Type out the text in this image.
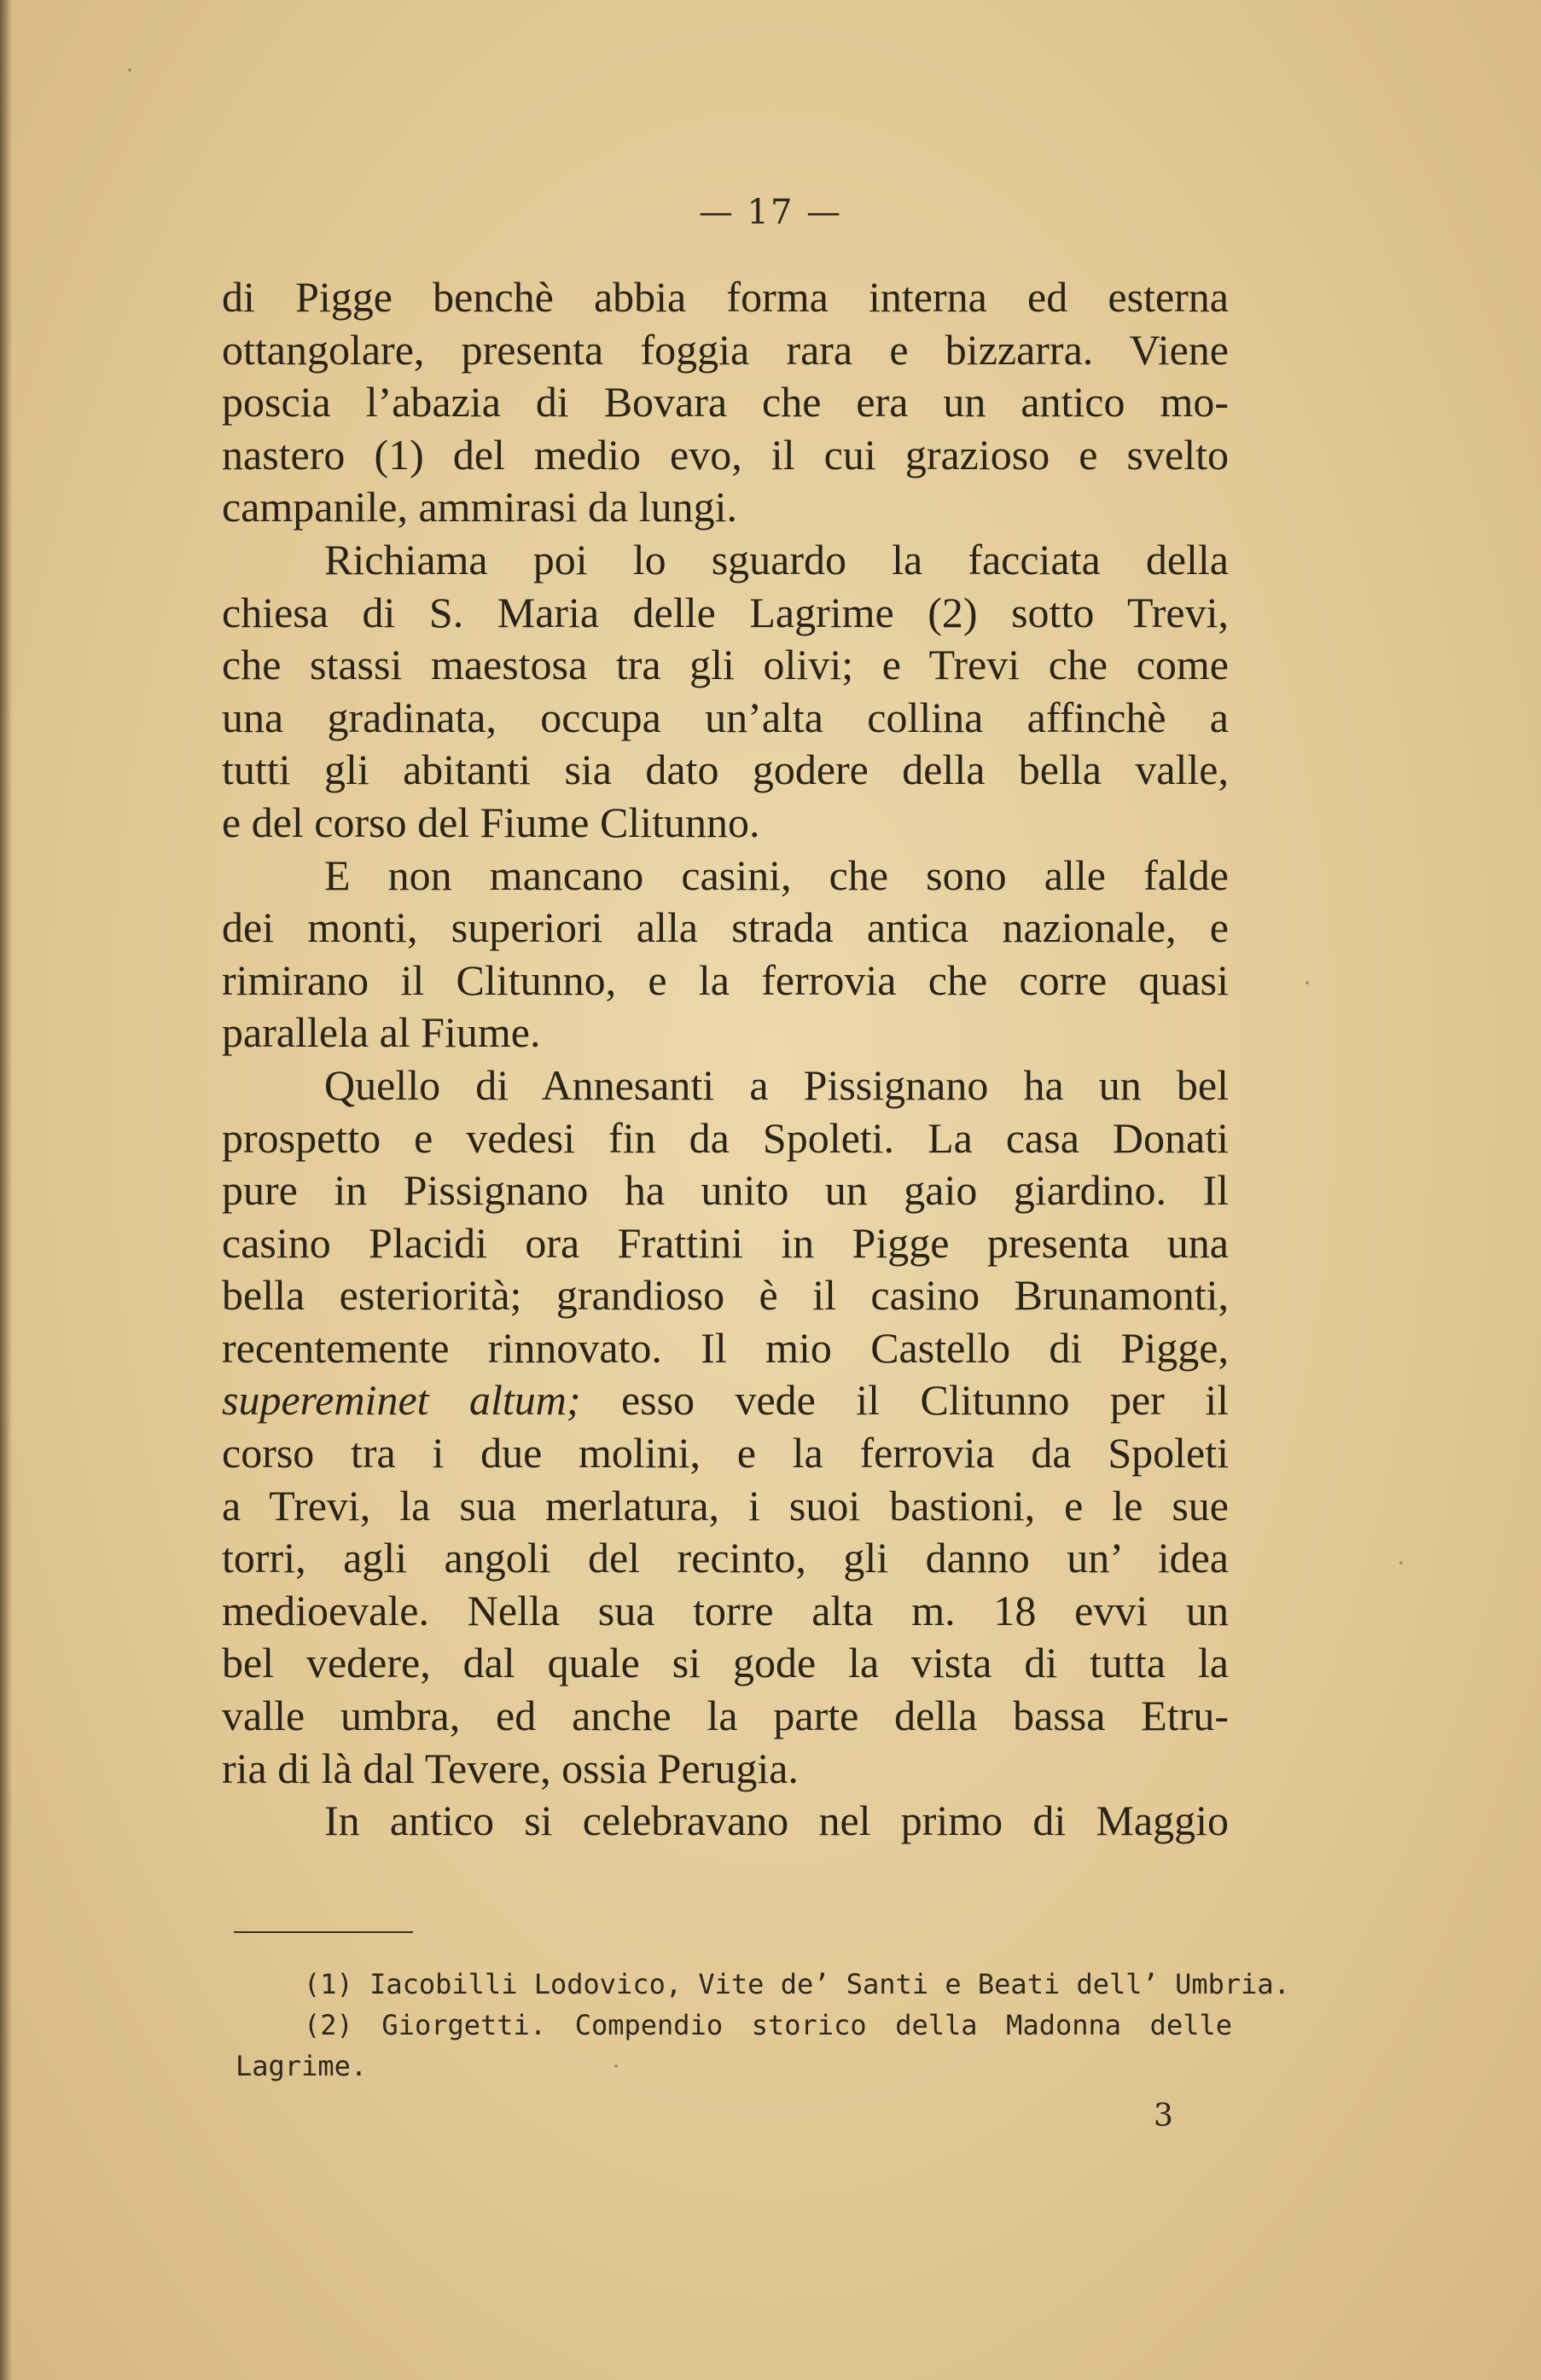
— 17 —
di Pigge benchè abbia forma interna ed esterna
ottangolare, presenta foggia rara e bizzarra. Viene
poscia l’abazia di Bovara che era un antico mo-
nastero (1) del medio evo, il cui grazioso e svelto
campanile, ammirasi da lungi.
Richiama poi lo sguardo la facciata della
chiesa di S. Maria delle Lagrime (2) sotto Trevi,
che stassi maestosa tra gli olivi; e Trevi che come
una gradinata, occupa un’alta collina affinchè a
tutti gli abitanti sia dato godere della bella valle,
e del corso del Fiume Clitunno.
E non mancano casini, che sono alle falde
dei monti, superiori alla strada antica nazionale, e
rimirano il Clitunno, e la ferrovia che corre quasi
parallela al Fiume.
Quello di Annesanti a Pissignano ha un bel
prospetto e vedesi fin da Spoleti. La casa Donati
pure in Pissignano ha unito un gaio giardino. Il
casino Placidi ora Frattini in Pigge presenta una
bella esteriorità; grandioso è il casino Brunamonti,
recentemente rinnovato. Il mio Castello di Pigge,
supereminet altum; esso vede il Clitunno per il
corso tra i due molini, e la ferrovia da Spoleti
a Trevi, la sua merlatura, i suoi bastioni, e le sue
torri, agli angoli del recinto, gli danno un’ idea
medioevale. Nella sua torre alta m. 18 evvi un
bel vedere, dal quale si gode la vista di tutta la
valle umbra, ed anche la parte della bassa Etru-
ria di là dal Tevere, ossia Perugia.
In antico si celebravano nel primo di Maggio
(1) Iacobilli Lodovico, Vite de’ Santi e Beati dell’ Umbria.
(2) Giorgetti. Compendio storico della Madonna delle
Lagrime.
3
